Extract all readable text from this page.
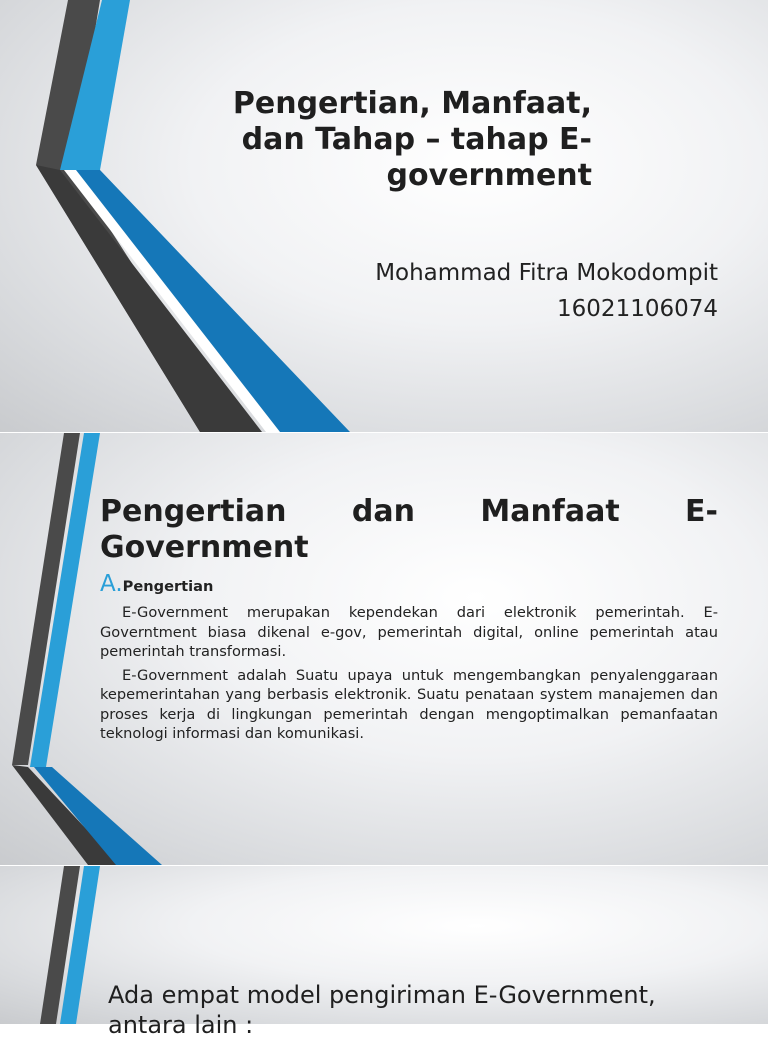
Pengertian, Manfaat,
dan Tahap – tahap E-
government
Mohammad Fitra Mokodompit
16021106074
Pengertian dan Manfaat E-
Government
A. Pengertian

E-Government merupakan kependekan dari elektronik pemerintah. E-Governtment biasa dikenal e-gov, pemerintah digital, online pemerintah atau pemerintah transformasi.

E-Government adalah Suatu upaya untuk mengembangkan penyalenggaraan kepemerintahan yang berbasis elektronik. Suatu penataan system manajemen dan proses kerja di lingkungan pemerintah dengan mengoptimalkan pemanfaatan teknologi informasi dan komunikasi.

Ada empat model pengiriman E-Government, antara lain :
